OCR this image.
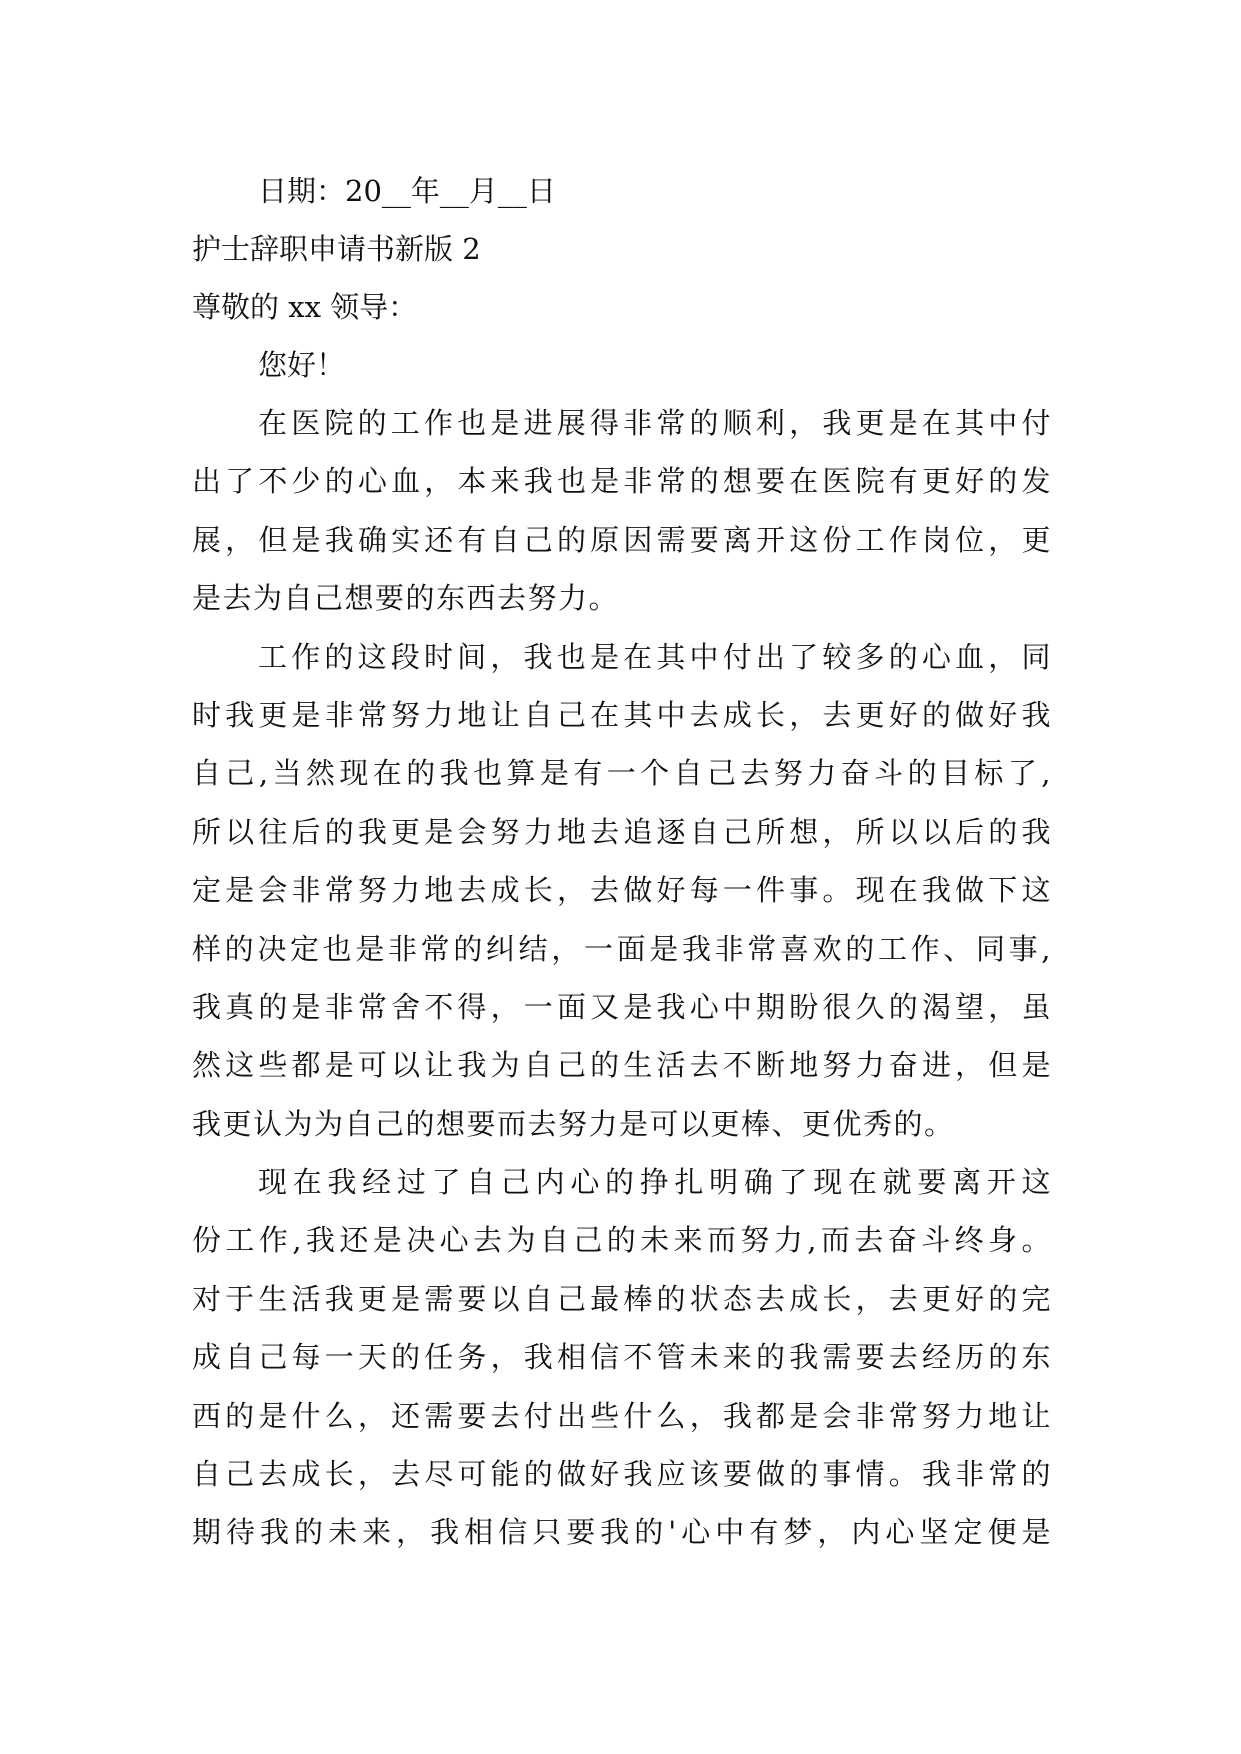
日期：20__年__月__日

护士辞职申请书新版 2

尊敬的 xx 领导：

您好！

在医院的工作也是进展得非常的顺利，我更是在其中付
出了不少的心血，本来我也是非常的想要在医院有更好的发
展，但是我确实还有自己的原因需要离开这份工作岗位，更
是去为自己想要的东西去努力。
工作的这段时间，我也是在其中付出了较多的心血，同
时我更是非常努力地让自己在其中去成长，去更好的做好我
自己,当然现在的我也算是有一个自己去努力奋斗的目标了,
所以往后的我更是会努力地去追逐自己所想，所以以后的我
定是会非常努力地去成长，去做好每一件事。现在我做下这
样的决定也是非常的纠结，一面是我非常喜欢的工作、同事,
我真的是非常舍不得，一面又是我心中期盼很久的渴望，虽
然这些都是可以让我为自己的生活去不断地努力奋进，但是
我更认为为自己的想要而去努力是可以更棒、更优秀的。
现在我经过了自己内心的挣扎明确了现在就要离开这
份工作,我还是决心去为自己的未来而努力,而去奋斗终身。
对于生活我更是需要以自己最棒的状态去成长，去更好的完
成自己每一天的任务，我相信不管未来的我需要去经历的东
西的是什么，还需要去付出些什么，我都是会非常努力地让
自己去成长，去尽可能的做好我应该要做的事情。我非常的
期待我的未来，我相信只要我的'心中有梦，内心坚定便是
